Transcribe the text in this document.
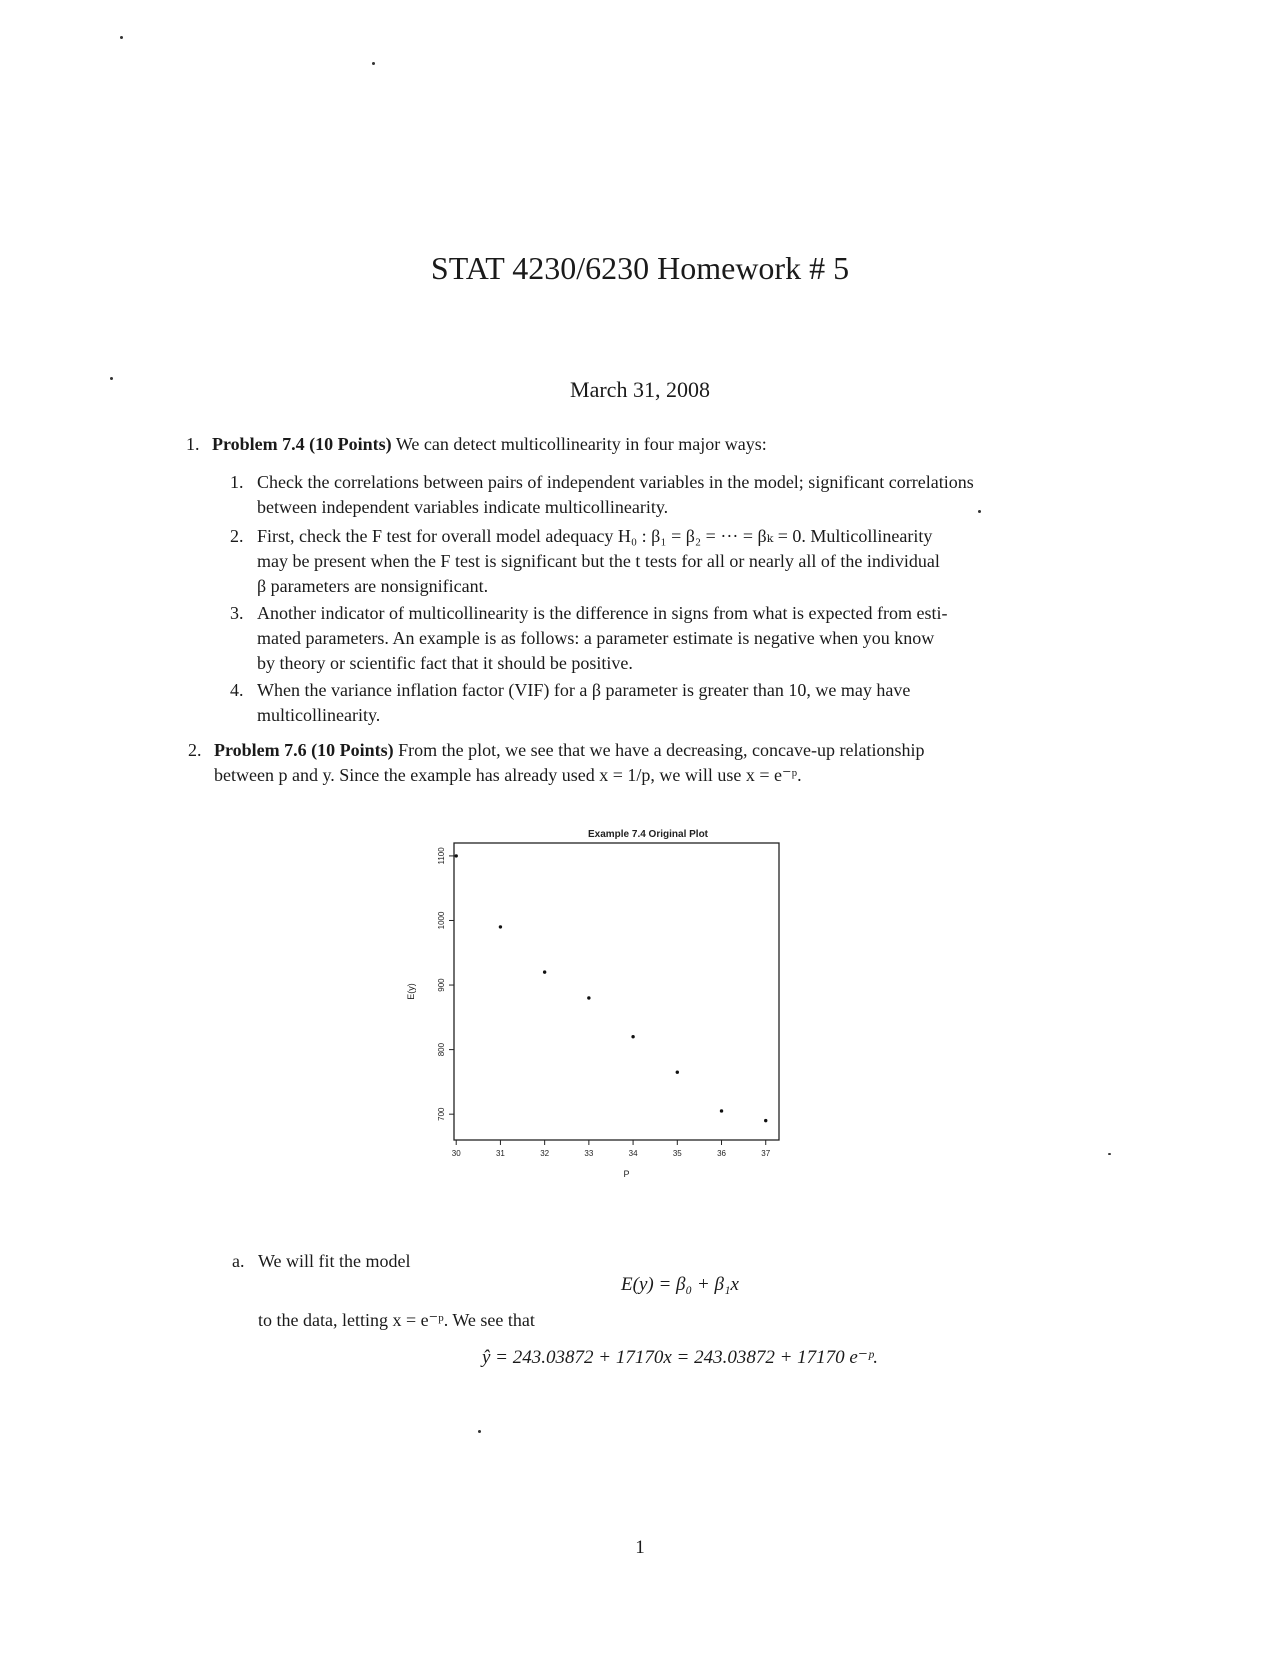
STAT 4230/6230 Homework # 5
March 31, 2008
1. Problem 7.4 (10 Points) We can detect multicollinearity in four major ways:
1. Check the correlations between pairs of independent variables in the model; significant correlations
between independent variables indicate multicollinearity.
2. First, check the F test for overall model adequacy H₀ : β₁ = β₂ = ··· = βₖ = 0. Multicollinearity
may be present when the F test is significant but the t tests for all or nearly all of the individual
β parameters are nonsignificant.
3. Another indicator of multicollinearity is the difference in signs from what is expected from esti-
mated parameters. An example is as follows: a parameter estimate is negative when you know
by theory or scientific fact that it should be positive.
4. When the variance inflation factor (VIF) for a β parameter is greater than 10, we may have
multicollinearity.
2. Problem 7.6 (10 Points) From the plot, we see that we have a decreasing, concave-up relationship
between p and y. Since the example has already used x = 1/p, we will use x = e⁻ᵖ.
Example 7.4 Original Plot
E(y)
P
30	31	32	33	34	35	36	37
700
800
900
1000
1100
a. We will fit the model
E(y) = β₀ + β₁x
to the data, letting x = e⁻ᵖ. We see that
ŷ = 243.03872 + 17170x = 243.03872 + 17170 e⁻ᵖ.
1
